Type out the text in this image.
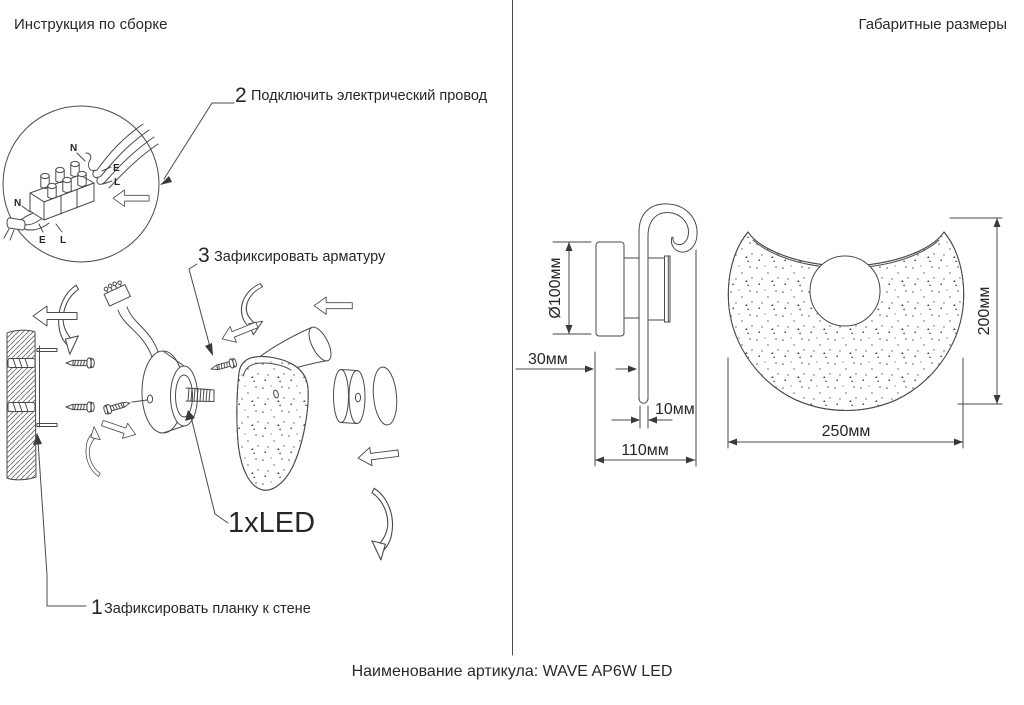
Инструкция по сборке	Габаритные размеры
N
E
L
N
E L
2 Подключить электрический провод
3 Зафиксировать арматуру
1 Зафиксировать планку к стене
1xLED
Ø100мм
30мм
10мм
110мм
200мм
250мм
Наименование артикула: WAVE AP6W LED
